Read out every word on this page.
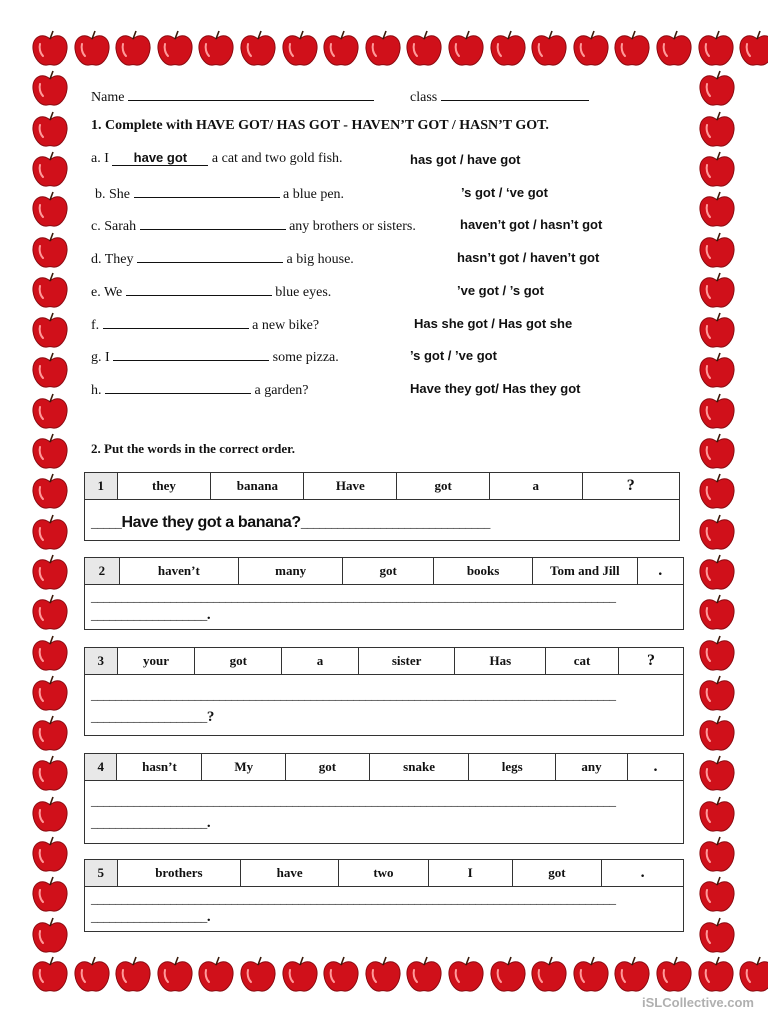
Name	class
1. Complete with HAVE GOT/ HAS GOT - HAVEN’T GOT / HASN’T GOT.
a. I have got a cat and two gold fish.	has got / have got
b. She	a blue pen.	’s got / ‘ve got
c. Sarah	any brothers or sisters.	haven’t got / hasn’t got
d. They	a big house.	hasn’t got / haven’t got
e. We	blue eyes.	’ve got / ’s got
f.	a new bike?	Has she got / Has got she
g. I	some pizza.	’s got / ’ve got
h.	a garden?	Have they got/ Has they got
2. Put the words in the correct order.
1	they	banana	Have	got	a	?
_____Have they got a banana?_______________________________
2	haven’t	many	got	books	Tom and Jill	.
______________________________________________________________________________________
___________________.
3	your	got	a	sister	Has	cat	?
______________________________________________________________________________________
___________________?
4	hasn’t	My	got	snake	legs	any	.
______________________________________________________________________________________
___________________.
5	brothers	have	two	I	got	.
______________________________________________________________________________________
___________________.
iSLCollective.com
